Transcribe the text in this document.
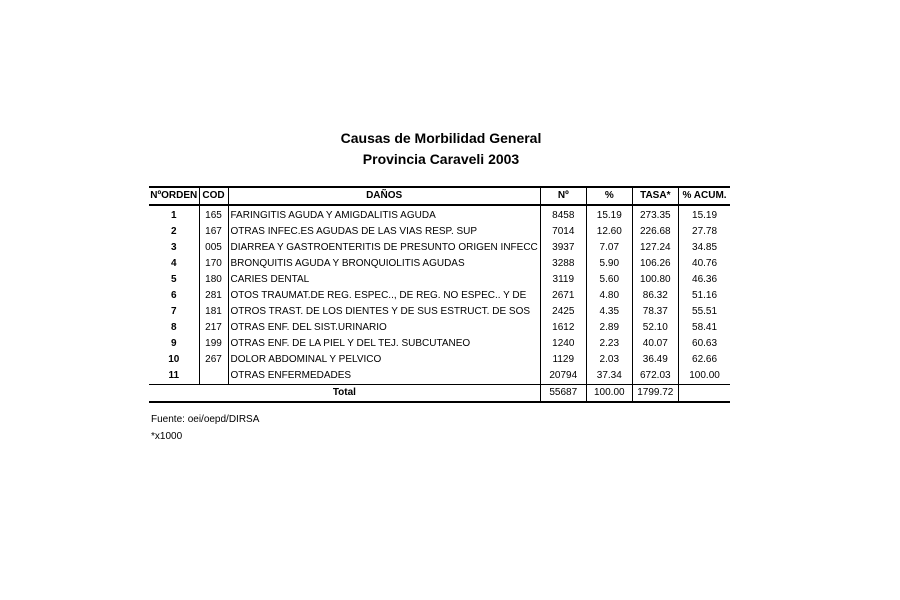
Causas de Morbilidad General
Provincia Caraveli 2003
NºORDEN	COD	DAÑOS	Nº	%	TASA*	% ACUM.
1	165	FARINGITIS AGUDA Y AMIGDALITIS AGUDA	8458	15.19	273.35	15.19
2	167	OTRAS INFEC.ES AGUDAS DE LAS VIAS RESP. SUP	7014	12.60	226.68	27.78
3	005	DIARREA Y GASTROENTERITIS DE PRESUNTO ORIGEN INFECC	3937	7.07	127.24	34.85
4	170	BRONQUITIS AGUDA Y BRONQUIOLITIS AGUDAS	3288	5.90	106.26	40.76
5	180	CARIES DENTAL	3119	5.60	100.80	46.36
6	281	OTOS TRAUMAT.DE REG. ESPEC.., DE REG. NO ESPEC.. Y DE	2671	4.80	86.32	51.16
7	181	OTROS TRAST. DE LOS DIENTES Y DE SUS ESTRUCT. DE SOS	2425	4.35	78.37	55.51
8	217	OTRAS ENF. DEL SIST.URINARIO	1612	2.89	52.10	58.41
9	199	OTRAS ENF. DE LA PIEL Y DEL TEJ. SUBCUTANEO	1240	2.23	40.07	60.63
10	267	DOLOR ABDOMINAL Y PELVICO	1129	2.03	36.49	62.66
11		OTRAS ENFERMEDADES	20794	37.34	672.03	100.00
Total			55687	100.00	1799.72	
Fuente: oei/oepd/DIRSA
*x1000
